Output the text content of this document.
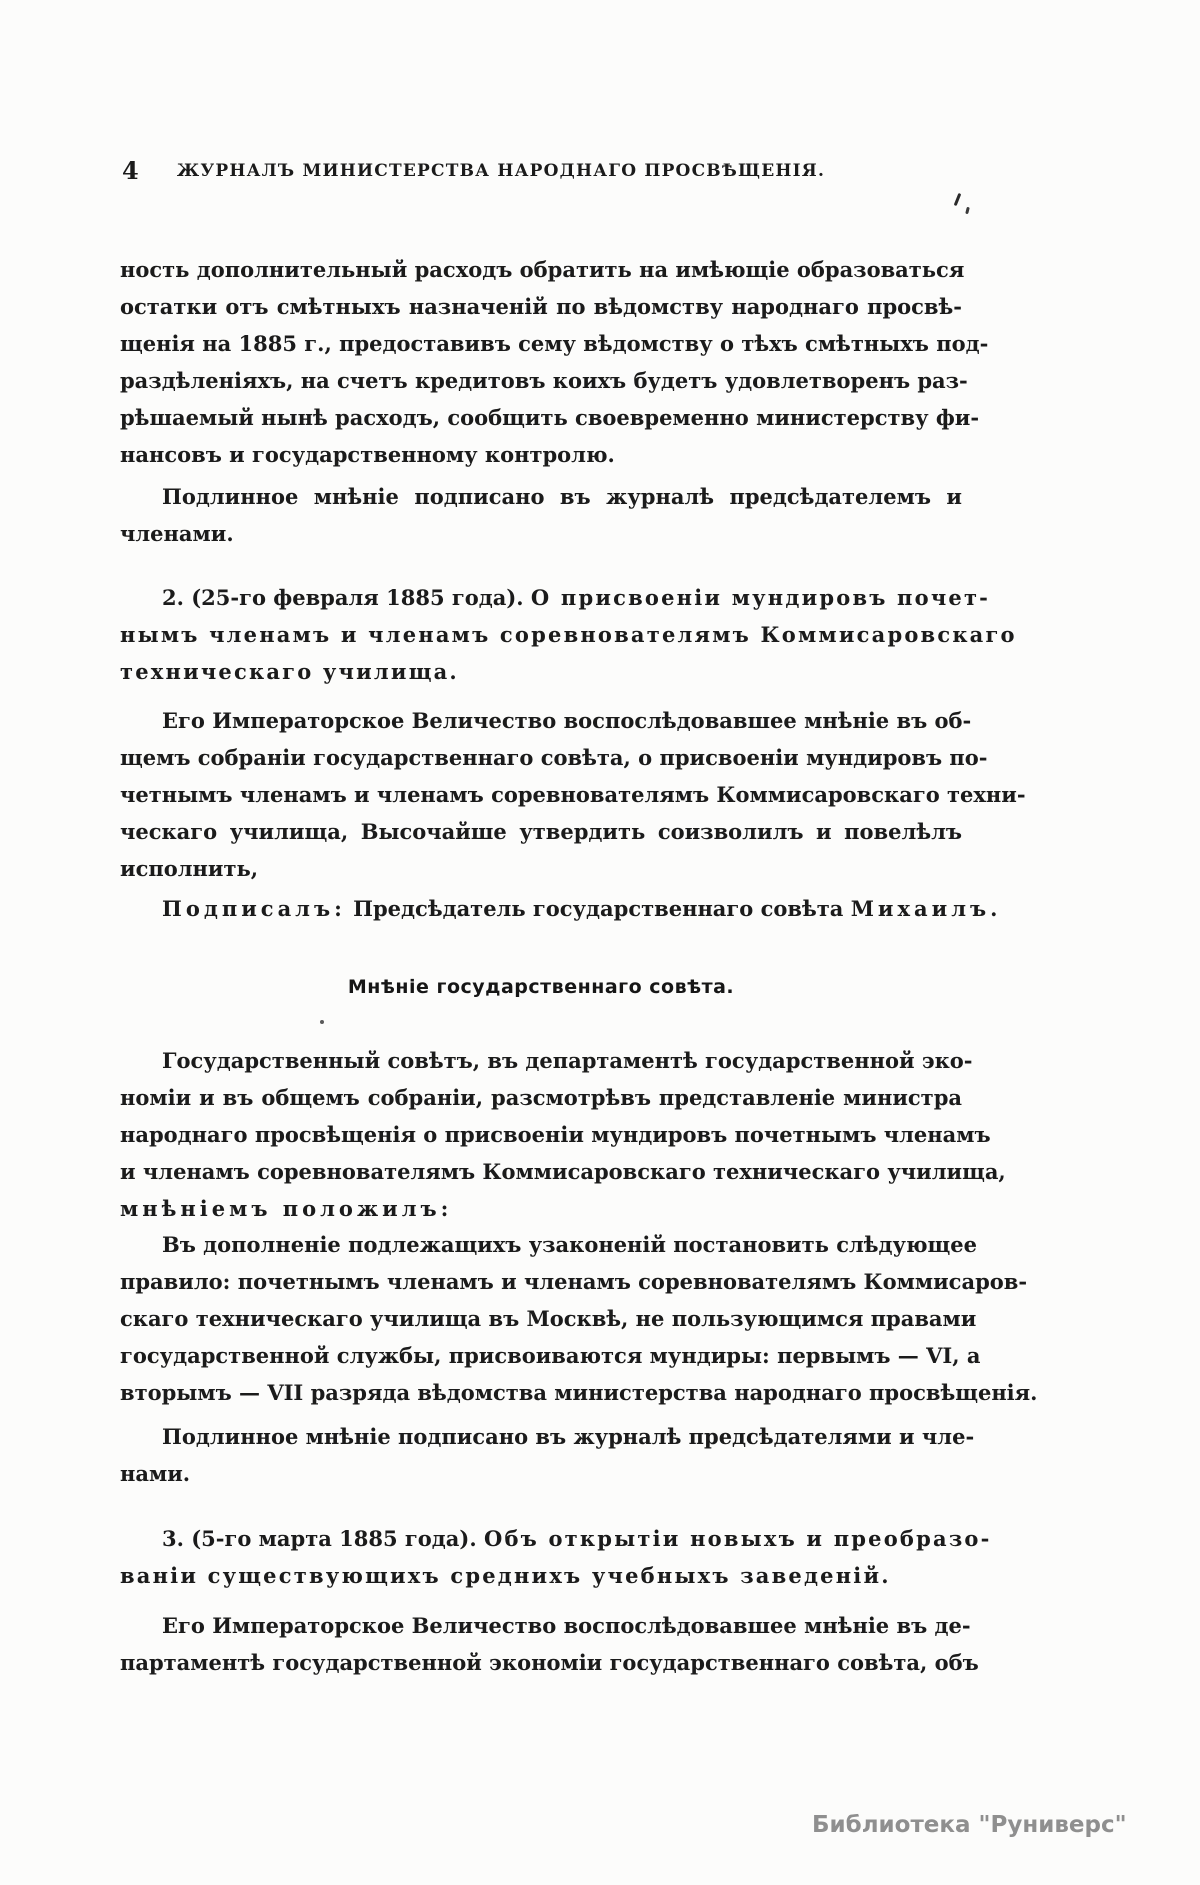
4	ЖУРНАЛЪ МИНИСТЕРСТВА НАРОДНАГО ПРОСВѢЩЕНІЯ.
ность дополнительный расходъ обратить на имѣющіе образоваться
остатки отъ смѣтныхъ назначеній по вѣдомству народнаго просвѣ-
щенія на 1885 г., предоставивъ сему вѣдомству о тѣхъ смѣтныхъ под-
раздѣленіяхъ, на счетъ кредитовъ коихъ будетъ удовлетворенъ раз-
рѣшаемый нынѣ расходъ, сообщить своевременно министерству фи-
нансовъ и государственному контролю.
Подлинное мнѣніе подписано въ журналѣ предсѣдателемъ и
членами.
2. (25-го февраля 1885 года). О присвоеніи мундировъ почет-
нымъ членамъ и членамъ соревнователямъ Коммисаровскаго
техническаго училища.
Его Императорское Величество воспослѣдовавшее мнѣніе въ об-
щемъ собраніи государственнаго совѣта, о присвоеніи мундировъ по-
четнымъ членамъ и членамъ соревнователямъ Коммисаровскаго техни-
ческаго училища, Высочайше утвердить соизволилъ и повелѣлъ
исполнить,
Подписалъ: Предсѣдатель государственнаго совѣта Михаилъ.
Мнѣніе государственнаго совѣта.
Государственный совѣтъ, въ департаментѣ государственной эко-
номіи и въ общемъ собраніи, разсмотрѣвъ представленіе министра
народнаго просвѣщенія о присвоеніи мундировъ почетнымъ членамъ
и членамъ соревнователямъ Коммисаровскаго техническаго училища,
мнѣніемъ положилъ:
Въ дополненіе подлежащихъ узаконеній постановить слѣдующее
правило: почетнымъ членамъ и членамъ соревнователямъ Коммисаров-
скаго техническаго училища въ Москвѣ, не пользующимся правами
государственной службы, присвоиваются мундиры: первымъ — VI, а
вторымъ — VII разряда вѣдомства министерства народнаго просвѣщенія.
Подлинное мнѣніе подписано въ журналѣ предсѣдателями и чле-
нами.
3. (5-го марта 1885 года). Объ открытіи новыхъ и преобразо-
ваніи существующихъ среднихъ учебныхъ заведеній.
Его Императорское Величество воспослѣдовавшее мнѣніе въ де-
партаментѣ государственной экономіи государственнаго совѣта, объ
Библиотека "Руниверс"
